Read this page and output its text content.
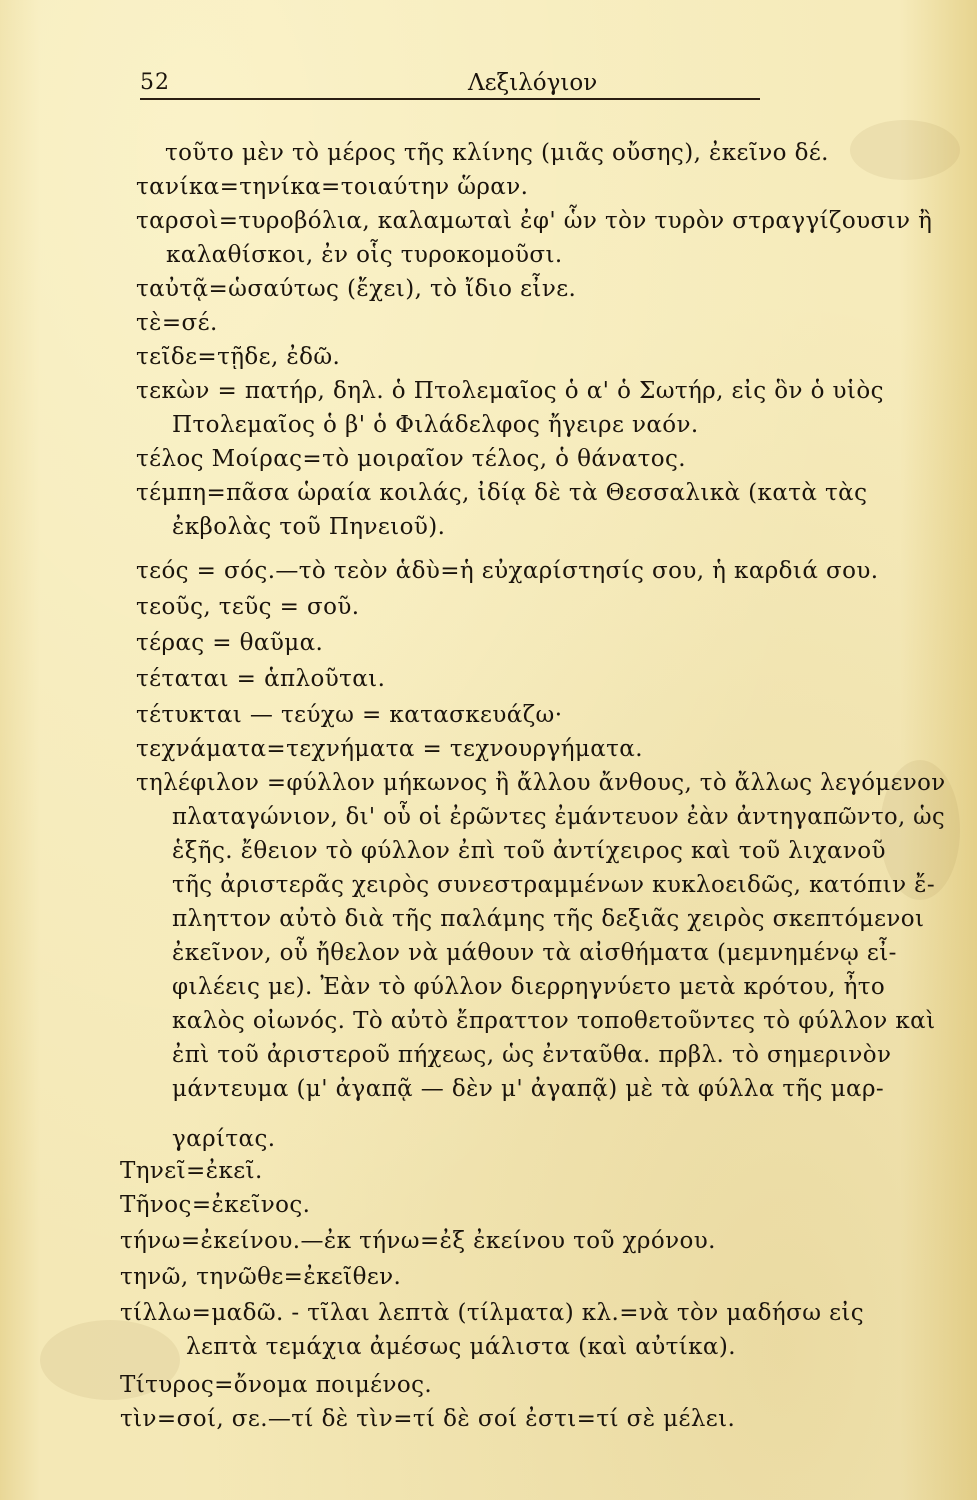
52	Λεξιλόγιον
τοῦτο μὲν τὸ μέρος τῆς κλίνης (μιᾶς οὔσης), ἐκεῖνο δέ.
τανίκα=τηνίκα=τοιαύτην ὥραν.
ταρσοὶ=τυροβόλια, καλαμωταὶ ἐφ' ὧν τὸν τυρὸν στραγγίζουσιν ἢ
καλαθίσκοι, ἐν οἷς τυροκομοῦσι.
ταὐτᾷ=ὡσαύτως (ἔχει), τὸ ἴδιο εἶνε.
τὲ=σέ.
τεῖδε=τῇδε, ἐδῶ.
τεκὼν = πατήρ, δηλ. ὁ Πτολεμαῖος ὁ α' ὁ Σωτήρ, εἰς ὃν ὁ υἱὸς
Πτολεμαῖος ὁ β' ὁ Φιλάδελφος ἤγειρε ναόν.
τέλος Μοίρας=τὸ μοιραῖον τέλος, ὁ θάνατος.
τέμπη=πᾶσα ὡραία κοιλάς, ἰδίᾳ δὲ τὰ Θεσσαλικὰ (κατὰ τὰς
ἐκβολὰς τοῦ Πηνειοῦ).
τεός = σός.—τὸ τεὸν ἁδὺ=ἡ εὐχαρίστησίς σου, ἡ καρδιά σου.
τεοῦς, τεῦς = σοῦ.
τέρας = θαῦμα.
τέταται = ἁπλοῦται.
τέτυκται — τεύχω = κατασκευάζω·
τεχνάματα=τεχνήματα = τεχνουργήματα.
τηλέφιλον =φύλλον μήκωνος ἢ ἄλλου ἄνθους, τὸ ἄλλως λεγόμενον
πλαταγώνιον, δι' οὗ οἱ ἐρῶντες ἐμάντευον ἐὰν ἀντηγαπῶντο, ὡς
ἑξῆς. ἔθειον τὸ φύλλον ἐπὶ τοῦ ἀντίχειρος καὶ τοῦ λιχανοῦ
τῆς ἀριστερᾶς χειρὸς συνεστραμμένων κυκλοειδῶς, κατόπιν ἔ-
πληττον αὐτὸ διὰ τῆς παλάμης τῆς δεξιᾶς χειρὸς σκεπτόμενοι
ἐκεῖνον, οὗ ἤθελον νὰ μάθουν τὰ αἰσθήματα (μεμνημένῳ εἶ-
φιλέεις με). Ἐὰν τὸ φύλλον διερρηγνύετο μετὰ κρότου, ἦτο
καλὸς οἰωνός. Τὸ αὐτὸ ἔπραττον τοποθετοῦντες τὸ φύλλον καὶ
ἐπὶ τοῦ ἀριστεροῦ πήχεως, ὡς ἐνταῦθα. πρβλ. τὸ σημερινὸν
μάντευμα (μ' ἀγαπᾷ — δὲν μ' ἀγαπᾷ) μὲ τὰ φύλλα τῆς μαρ-
γαρίτας.
Τηνεῖ=ἐκεῖ.
Τῆνος=ἐκεῖνος.
τήνω=ἐκείνου.—ἐκ τήνω=ἐξ ἐκείνου τοῦ χρόνου.
τηνῶ, τηνῶθε=ἐκεῖθεν.
τίλλω=μαδῶ. - τῖλαι λεπτὰ (τίλματα) κλ.=νὰ τὸν μαδήσω εἰς
λεπτὰ τεμάχια ἀμέσως μάλιστα (καὶ αὐτίκα).
Τίτυρος=ὄνομα ποιμένος.
τὶν=σοί, σε.—τί δὲ τὶν=τί δὲ σοί ἐστι=τί σὲ μέλει.
